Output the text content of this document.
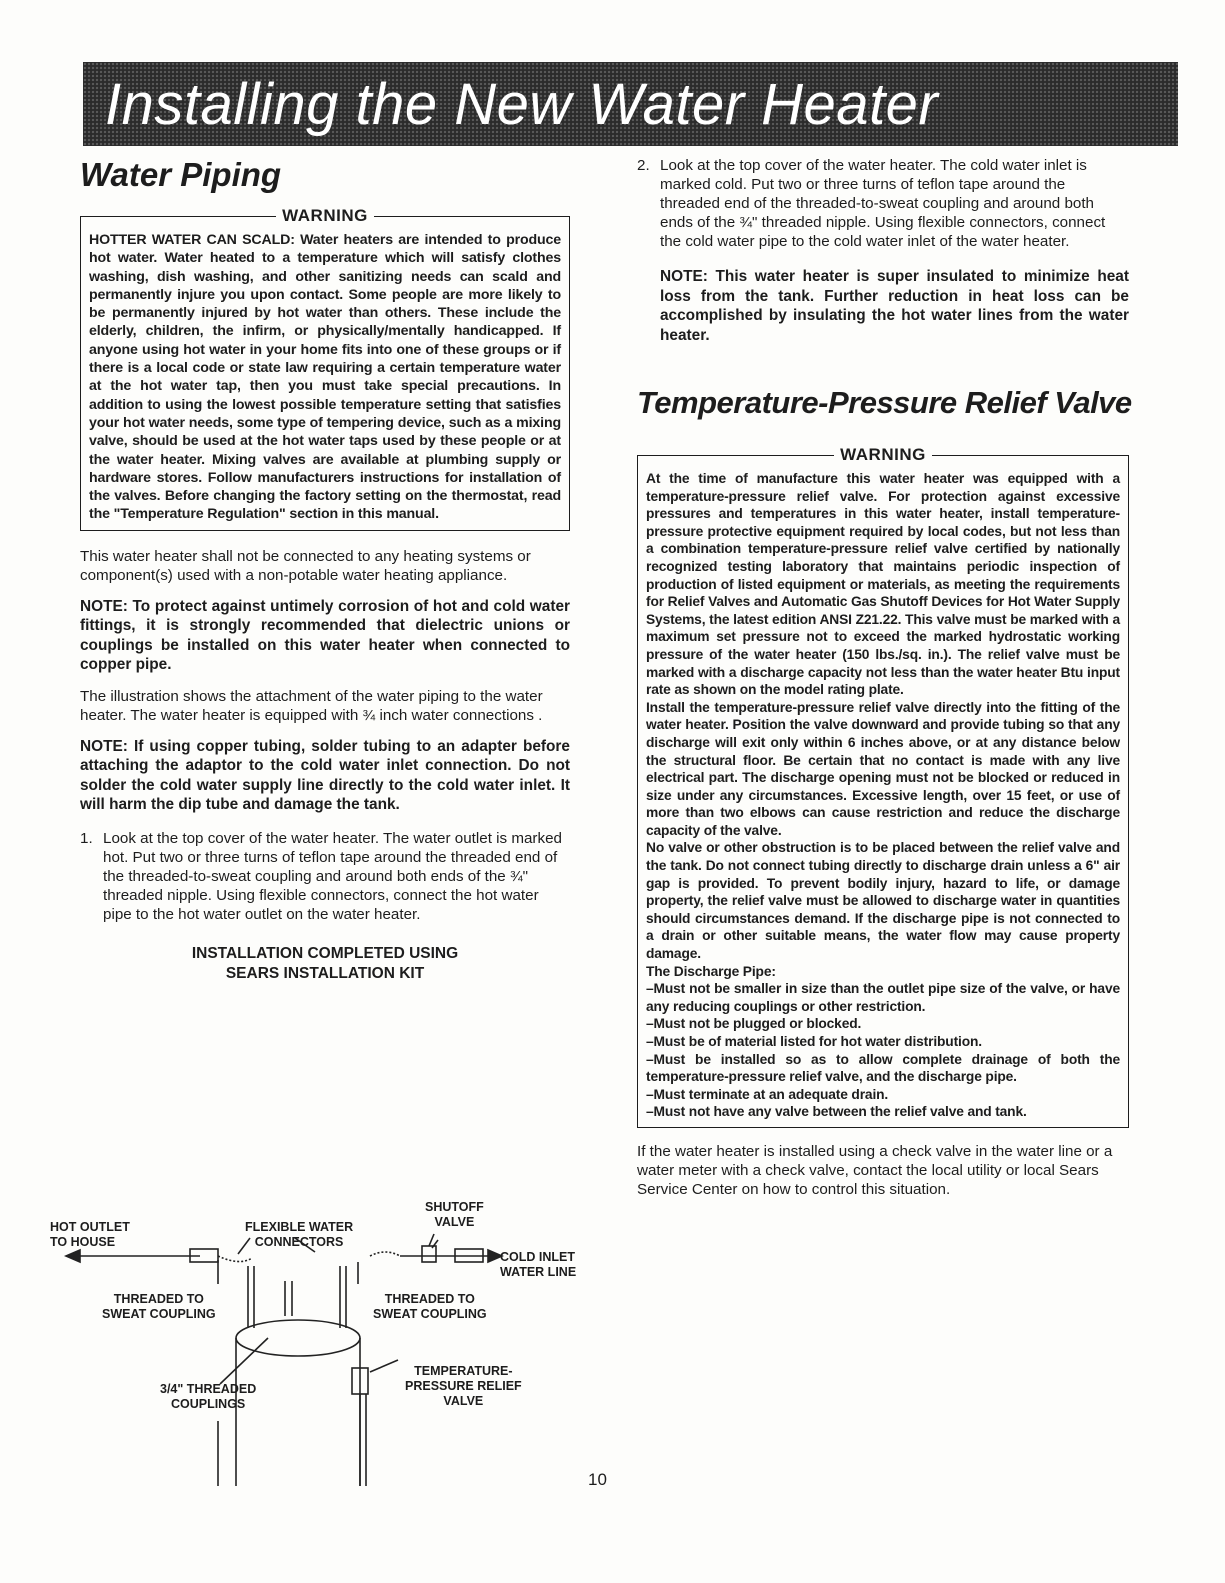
Installing the New Water Heater
Water Piping
WARNING
HOTTER WATER CAN SCALD: Water heaters are intended to produce hot water. Water heated to a temperature which will satisfy clothes washing, dish washing, and other sanitizing needs can scald and permanently injure you upon contact. Some people are more likely to be permanently injured by hot water than others. These include the elderly, children, the infirm, or physically/mentally handicapped. If anyone using hot water in your home fits into one of these groups or if there is a local code or state law requiring a certain temperature water at the hot water tap, then you must take special precautions. In addition to using the lowest possible temperature setting that satisfies your hot water needs, some type of tempering device, such as a mixing valve, should be used at the hot water taps used by these people or at the water heater. Mixing valves are available at plumbing supply or hardware stores. Follow manufacturers instructions for installation of the valves. Before changing the factory setting on the thermostat, read the "Temperature Regulation" section in this manual.

This water heater shall not be connected to any heating systems or component(s) used with a non-potable water heating appliance.

NOTE: To protect against untimely corrosion of hot and cold water fittings, it is strongly recommended that dielectric unions or couplings be installed on this water heater when connected to copper pipe.

The illustration shows the attachment of the water piping to the water heater. The water heater is equipped with ¾ inch water connections .

NOTE: If using copper tubing, solder tubing to an adapter before attaching the adaptor to the cold water inlet connection. Do not solder the cold water supply line directly to the cold water inlet. It will harm the dip tube and damage the tank.

1. Look at the top cover of the water heater. The water outlet is marked hot. Put two or three turns of teflon tape around the threaded end of the threaded-to-sweat coupling and around both ends of the ¾" threaded nipple. Using flexible connectors, connect the hot water pipe to the hot water outlet on the water heater.
INSTALLATION COMPLETED USING
SEARS INSTALLATION KIT
HOT OUTLET
TO HOUSE
FLEXIBLE WATER
CONNECTORS
SHUTOFF
VALVE
COLD INLET
WATER LINE
THREADED TO
SWEAT COUPLING
THREADED TO
SWEAT COUPLING
TEMPERATURE-
PRESSURE RELIEF
VALVE
3/4" THREADED
COUPLINGS
2. Look at the top cover of the water heater. The cold water inlet is marked cold. Put two or three turns of teflon tape around the threaded end of the threaded-to-sweat coupling and around both ends of the ¾" threaded nipple. Using flexible connectors, connect the cold water pipe to the cold water inlet of the water heater.

NOTE: This water heater is super insulated to minimize heat loss from the tank. Further reduction in heat loss can be accomplished by insulating the hot water lines from the water heater.

Temperature-Pressure Relief Valve
WARNING
At the time of manufacture this water heater was equipped with a temperature-pressure relief valve. For protection against excessive pressures and temperatures in this water heater, install temperature-pressure protective equipment required by local codes, but not less than a combination temperature-pressure relief valve certified by nationally recognized testing laboratory that maintains periodic inspection of production of listed equipment or materials, as meeting the requirements for Relief Valves and Automatic Gas Shutoff Devices for Hot Water Supply Systems, the latest edition ANSI Z21.22. This valve must be marked with a maximum set pressure not to exceed the marked hydrostatic working pressure of the water heater (150 lbs./sq. in.). The relief valve must be marked with a discharge capacity not less than the water heater Btu input rate as shown on the model rating plate.
Install the temperature-pressure relief valve directly into the fitting of the water heater. Position the valve downward and provide tubing so that any discharge will exit only within 6 inches above, or at any distance below the structural floor. Be certain that no contact is made with any live electrical part. The discharge opening must not be blocked or reduced in size under any circumstances. Excessive length, over 15 feet, or use of more than two elbows can cause restriction and reduce the discharge capacity of the valve.
No valve or other obstruction is to be placed between the relief valve and the tank. Do not connect tubing directly to discharge drain unless a 6" air gap is provided. To prevent bodily injury, hazard to life, or damage property, the relief valve must be allowed to discharge water in quantities should circumstances demand. If the discharge pipe is not connected to a drain or other suitable means, the water flow may cause property damage.
The Discharge Pipe:
–Must not be smaller in size than the outlet pipe size of the valve, or have any reducing couplings or other restriction.
–Must not be plugged or blocked.
–Must be of material listed for hot water distribution.
–Must be installed so as to allow complete drainage of both the temperature-pressure relief valve, and the discharge pipe.
–Must terminate at an adequate drain.
–Must not have any valve between the relief valve and tank.

If the water heater is installed using a check valve in the water line or a water meter with a check valve, contact the local utility or local Sears Service Center on how to control this situation.

10
